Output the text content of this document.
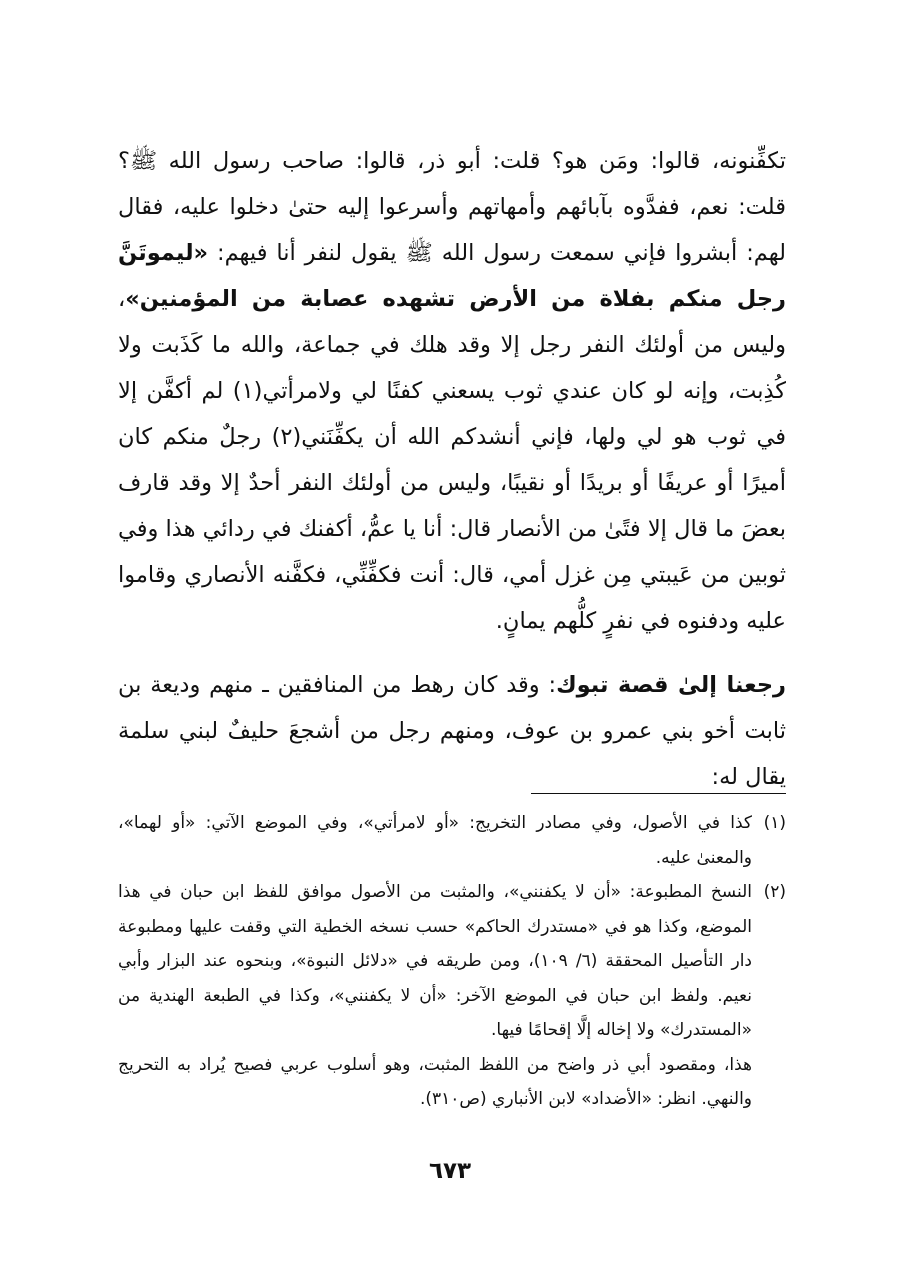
تكفِّنونه، قالوا: ومَن هو؟ قلت: أبو ذر، قالوا: صاحب رسول الله ﷺ؟ قلت: نعم، ففدَّوه بآبائهم وأمهاتهم وأسرعوا إليه حتىٰ دخلوا عليه، فقال لهم: أبشروا فإني سمعت رسول الله ﷺ يقول لنفر أنا فيهم: «ليموتَنَّ رجل منكم بفلاة من الأرض تشهده عصابة من المؤمنين»، وليس من أولئك النفر رجل إلا وقد هلك في جماعة، والله ما كَذَبت ولا كُذِبت، وإنه لو كان عندي ثوب يسعني كفنًا لي ولامرأتي(١) لم أكفَّن إلا في ثوب هو لي ولها، فإني أنشدكم الله أن يكفِّنَني(٢) رجلٌ منكم كان أميرًا أو عريفًا أو بريدًا أو نقيبًا، وليس من أولئك النفر أحدٌ إلا وقد قارف بعضَ ما قال إلا فتًىٰ من الأنصار قال: أنا يا عمُّ، أكفنك في ردائي هذا وفي ثوبين من عَيبتي مِن غزل أمي، قال: أنت فكفِّنِّي، فكفَّنه الأنصاري وقاموا عليه ودفنوه في نفرٍ كلُّهم يمانٍ.

رجعنا إلىٰ قصة تبوك: وقد كان رهط من المنافقين ـ منهم وديعة بن ثابت أخو بني عمرو بن عوف، ومنهم رجل من أشجعَ حليفٌ لبني سلمة يقال له:

(١)
كذا في الأصول، وفي مصادر التخريج: «أو لامرأتي»، وفي الموضع الآتي: «أو لهما»، والمعنىٰ عليه.
(٢)
النسخ المطبوعة: «أن لا يكفنني»، والمثبت من الأصول موافق للفظ ابن حبان في هذا الموضع، وكذا هو في «مستدرك الحاكم» حسب نسخه الخطية التي وقفت عليها ومطبوعة دار التأصيل المحققة (٦/ ١٠٩)، ومن طريقه في «دلائل النبوة»، وبنحوه عند البزار وأبي نعيم. ولفظ ابن حبان في الموضع الآخر: «أن لا يكفنني»، وكذا في الطبعة الهندية من «المستدرك» ولا إخاله إلَّا إقحامًا فيها.
هذا، ومقصود أبي ذر واضح من اللفظ المثبت، وهو أسلوب عربي فصيح يُراد به التحريج والنهي. انظر: «الأضداد» لابن الأنباري (ص٣١٠).
٦٧٣
